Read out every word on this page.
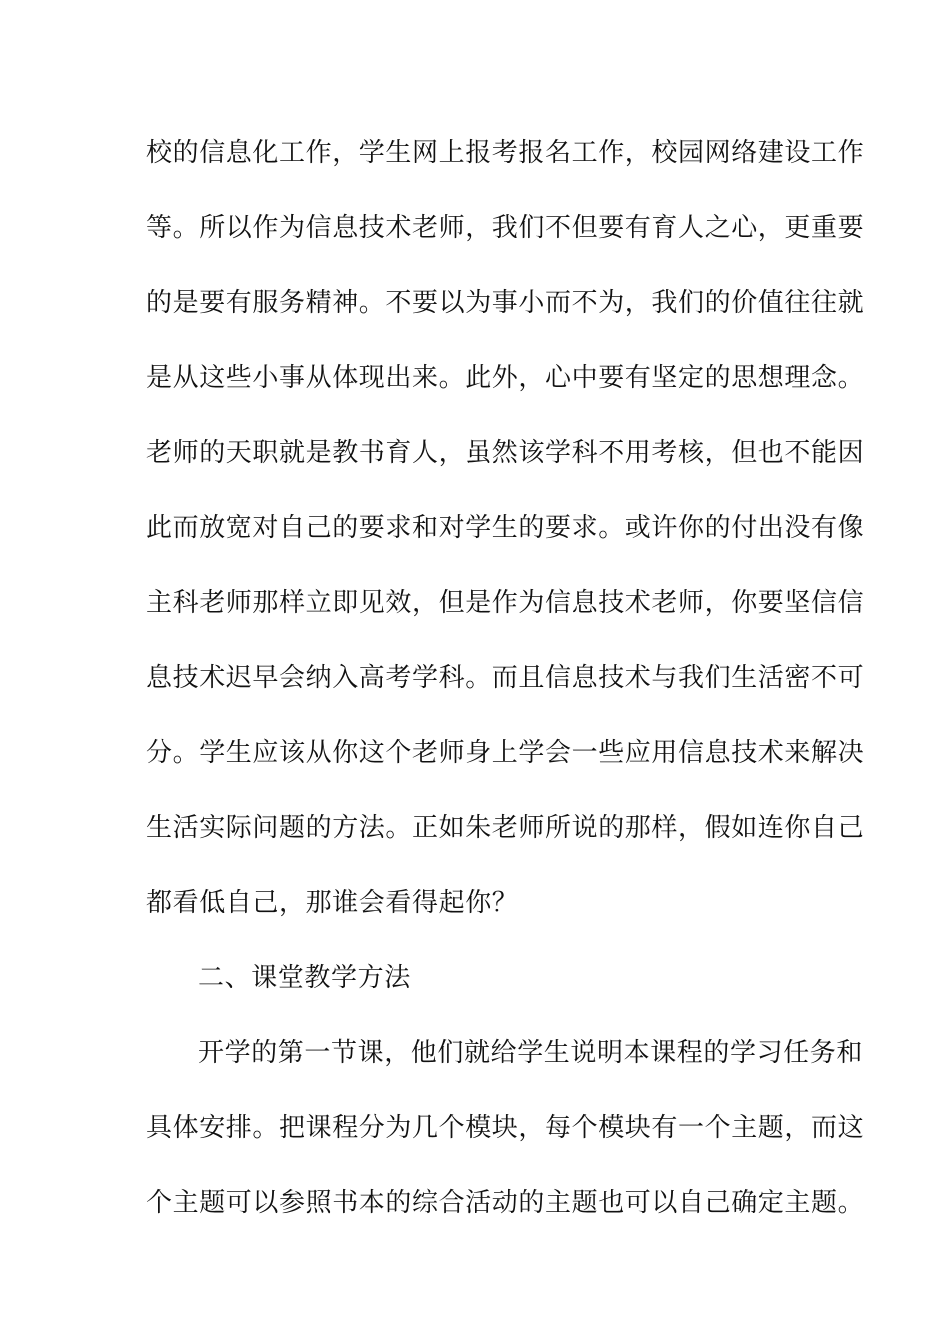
校的信息化工作，学生网上报考报名工作，校园网络建设工作
等。所以作为信息技术老师，我们不但要有育人之心，更重要
的是要有服务精神。不要以为事小而不为，我们的价值往往就
是从这些小事从体现出来。此外，心中要有坚定的思想理念。
老师的天职就是教书育人，虽然该学科不用考核，但也不能因
此而放宽对自己的要求和对学生的要求。或许你的付出没有像
主科老师那样立即见效，但是作为信息技术老师，你要坚信信
息技术迟早会纳入高考学科。而且信息技术与我们生活密不可
分。学生应该从你这个老师身上学会一些应用信息技术来解决
生活实际问题的方法。正如朱老师所说的那样，假如连你自己
都看低自己，那谁会看得起你？
二、课堂教学方法
开学的第一节课，他们就给学生说明本课程的学习任务和
具体安排。把课程分为几个模块，每个模块有一个主题，而这
个主题可以参照书本的综合活动的主题也可以自己确定主题。
